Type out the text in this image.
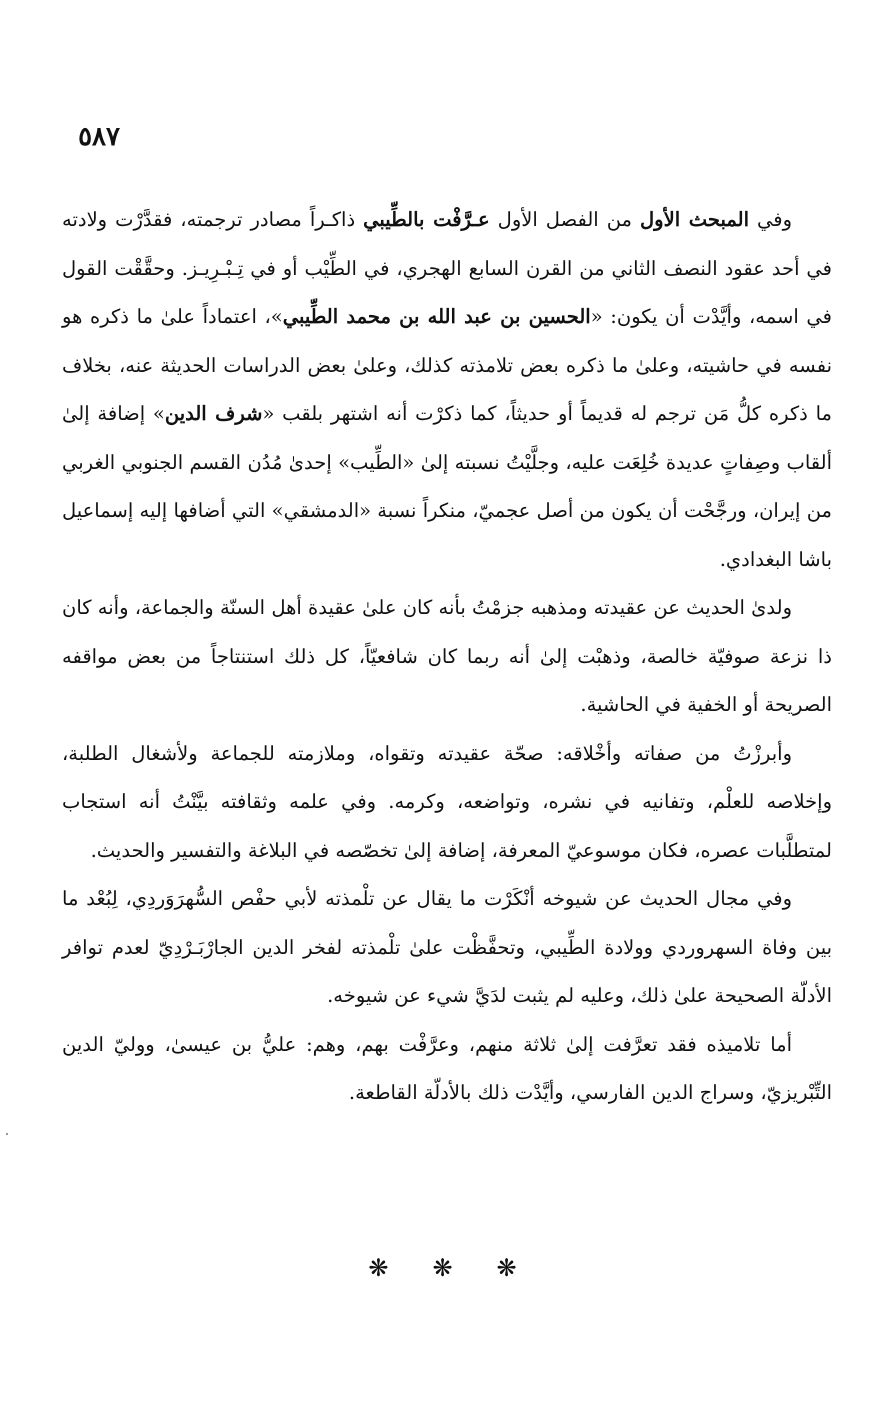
٥٨٧

وفي المبحث الأول من الفصل الأول عـرَّفْت بالطِّيبي ذاكـراً مصادر ترجمته، فقدَّرْت ولادته في أحد عقود النصف الثاني من القرن السابع الهجري، في الطِّيْب أو في تِـبْـرِيـز. وحقَّقْت القول في اسمه، وأيَّدْت أن يكون: «الحسين بن عبد الله بن محمد الطِّيبي»، اعتماداً علىٰ ما ذكره هو نفسه في حاشيته، وعلىٰ ما ذكره بعض تلامذته كذلك، وعلىٰ بعض الدراسات الحديثة عنه، بخلاف ما ذكره كلُّ مَن ترجم له قديماً أو حديثاً، كما ذكرْت أنه اشتهر بلقب «شرف الدين» إضافة إلىٰ ألقاب وصِفاتٍ عديدة خُلِعَت عليه، وجلَّيْتُ نسبته إلىٰ «الطِّيب» إحدىٰ مُدُن القسم الجنوبي الغربي من إيران، ورجَّحْت أن يكون من أصل عجميّ، منكراً نسبة «الدمشقي» التي أضافها إليه إسماعيل باشا البغدادي.

ولدىٰ الحديث عن عقيدته ومذهبه جزمْتُ بأنه كان علىٰ عقيدة أهل السنّة والجماعة، وأنه كان ذا نزعة صوفيّة خالصة، وذهبْت إلىٰ أنه ربما كان شافعيّاً، كل ذلك استنتاجاً من بعض مواقفه الصريحة أو الخفية في الحاشية.

وأبرزْتُ من صفاته وأخْلاقه: صحّة عقيدته وتقواه، وملازمته للجماعة ولأشغال الطلبة، وإخلاصه للعلْم، وتفانيه في نشره، وتواضعه، وكرمه. وفي علمه وثقافته بيَّنْتُ أنه استجاب لمتطلَّبات عصره، فكان موسوعيّ المعرفة، إضافة إلىٰ تخصّصه في البلاغة والتفسير والحديث.

وفي مجال الحديث عن شيوخه أنْكَرْت ما يقال عن تلْمذته لأبي حفْص السُّهرَوَردِي، لِبُعْد ما بين وفاة السهروردي وولادة الطِّيبي، وتحفَّظْت علىٰ تلْمذته لفخر الدين الجارْبَـرْدِيّ لعدم توافر الأدلّة الصحيحة علىٰ ذلك، وعليه لم يثبت لدَيَّ شيء عن شيوخه.

أما تلاميذه فقد تعرَّفت إلىٰ ثلاثة منهم، وعرَّفْت بهم، وهم: عليُّ بن عيسىٰ، ووليّ الدين التِّبْريزيّ، وسراج الدين الفارسي، وأيَّدْت ذلك بالأدلّة القاطعة.

❋ ❋ ❋
